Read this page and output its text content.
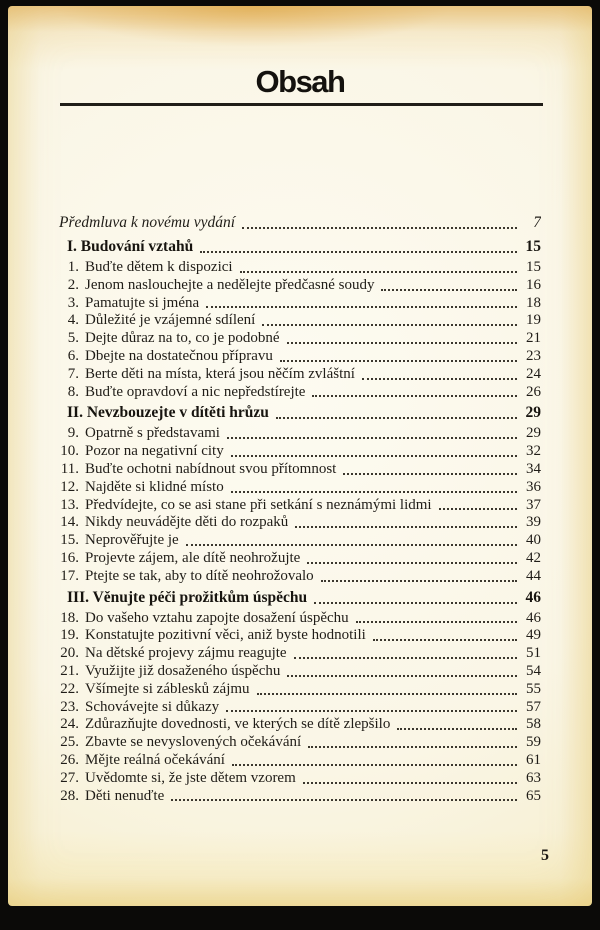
Obsah
Předmluva k novému vydání	7
I. Budování vztahů	15
1. Buďte dětem k dispozici	15
2. Jenom naslouchejte a nedělejte předčasné soudy	16
3. Pamatujte si jména	18
4. Důležité je vzájemné sdílení	19
5. Dejte důraz na to, co je podobné	21
6. Dbejte na dostatečnou přípravu	23
7. Berte děti na místa, která jsou něčím zvláštní	24
8. Buďte opravdoví a nic nepředstírejte	26
II. Nevzbouzejte v dítěti hrůzu	29
9. Opatrně s představami	29
10. Pozor na negativní city	32
11. Buďte ochotni nabídnout svou přítomnost	34
12. Najděte si klidné místo	36
13. Předvídejte, co se asi stane při setkání s neznámými lidmi	37
14. Nikdy neuvádějte děti do rozpaků	39
15. Neprověřujte je	40
16. Projevte zájem, ale dítě neohrožujte	42
17. Ptejte se tak, aby to dítě neohrožovalo	44
III. Věnujte péči prožitkům úspěchu	46
18. Do vašeho vztahu zapojte dosažení úspěchu	46
19. Konstatujte pozitivní věci, aniž byste hodnotili	49
20. Na dětské projevy zájmu reagujte	51
21. Využijte již dosaženého úspěchu	54
22. Všímejte si záblesků zájmu	55
23. Schovávejte si důkazy	57
24. Zdůrazňujte dovednosti, ve kterých se dítě zlepšilo	58
25. Zbavte se nevyslovených očekávání	59
26. Mějte reálná očekávání	61
27. Uvědomte si, že jste dětem vzorem	63
28. Děti nenuďte	65
5
